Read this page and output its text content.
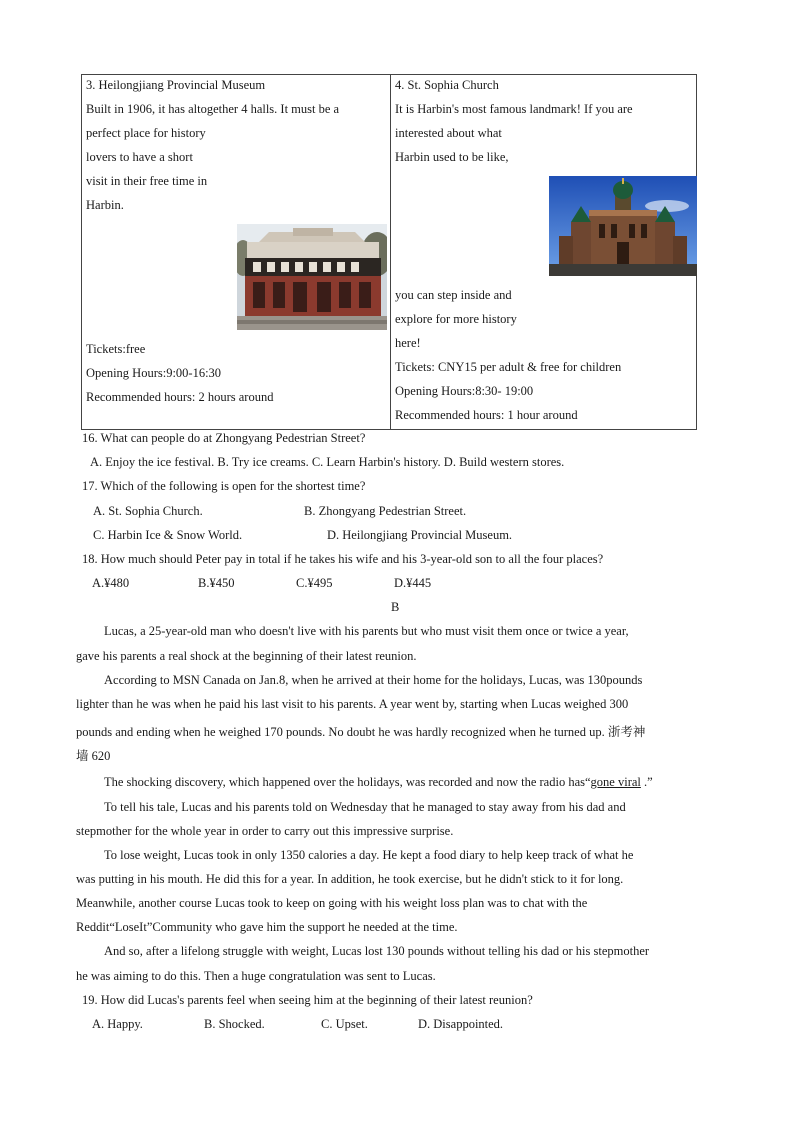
3. Heilongjiang Provincial Museum
Built in 1906, it has altogether 4 halls. It must be a
perfect place for history
lovers to have a short
visit in their free time in
Harbin.
Tickets:free
Opening Hours:9:00-16:30
Recommended hours: 2 hours around
4. St. Sophia Church
It is Harbin's most famous landmark! If you are
interested about what
Harbin used to be like,
you can step inside and
explore for more history
here!
Tickets: CNY15 per adult & free for children
Opening Hours:8:30- 19:00
Recommended hours: 1 hour around
16. What can people do at Zhongyang Pedestrian Street?
A. Enjoy the ice festival. B. Try ice creams. C. Learn Harbin's history. D. Build western stores.
17. Which of the following is open for the shortest time?
A. St. Sophia Church.	B. Zhongyang Pedestrian Street.
C. Harbin Ice & Snow World.	D. Heilongjiang Provincial Museum.
18. How much should Peter pay in total if he takes his wife and his 3-year-old son to all the four places?
A.¥480	B.¥450	C.¥495	D.¥445
B
Lucas, a 25-year-old man who doesn't live with his parents but who must visit them once or twice a year,
gave his parents a real shock at the beginning of their latest reunion.
According to MSN Canada on Jan.8, when he arrived at their home for the holidays, Lucas, was 130pounds
lighter than he was when he paid his last visit to his parents. A year went by, starting when Lucas weighed 300
pounds and ending when he weighed 170 pounds. No doubt he was hardly recognized when he turned up. 浙考神
墙 620
The shocking discovery, which happened over the holidays, was recorded and now the radio has“gone viral .”
To tell his tale, Lucas and his parents told on Wednesday that he managed to stay away from his dad and
stepmother for the whole year in order to carry out this impressive surprise.
To lose weight, Lucas took in only 1350 calories a day. He kept a food diary to help keep track of what he
was putting in his mouth. He did this for a year. In addition, he took exercise, but he didn't stick to it for long.
Meanwhile, another course Lucas took to keep on going with his weight loss plan was to chat with the
Reddit“LoseIt”Community who gave him the support he needed at the time.
And so, after a lifelong struggle with weight, Lucas lost 130 pounds without telling his dad or his stepmother
he was aiming to do this. Then a huge congratulation was sent to Lucas.
19. How did Lucas's parents feel when seeing him at the beginning of their latest reunion?
A. Happy.	B. Shocked.	C. Upset.	D. Disappointed.
